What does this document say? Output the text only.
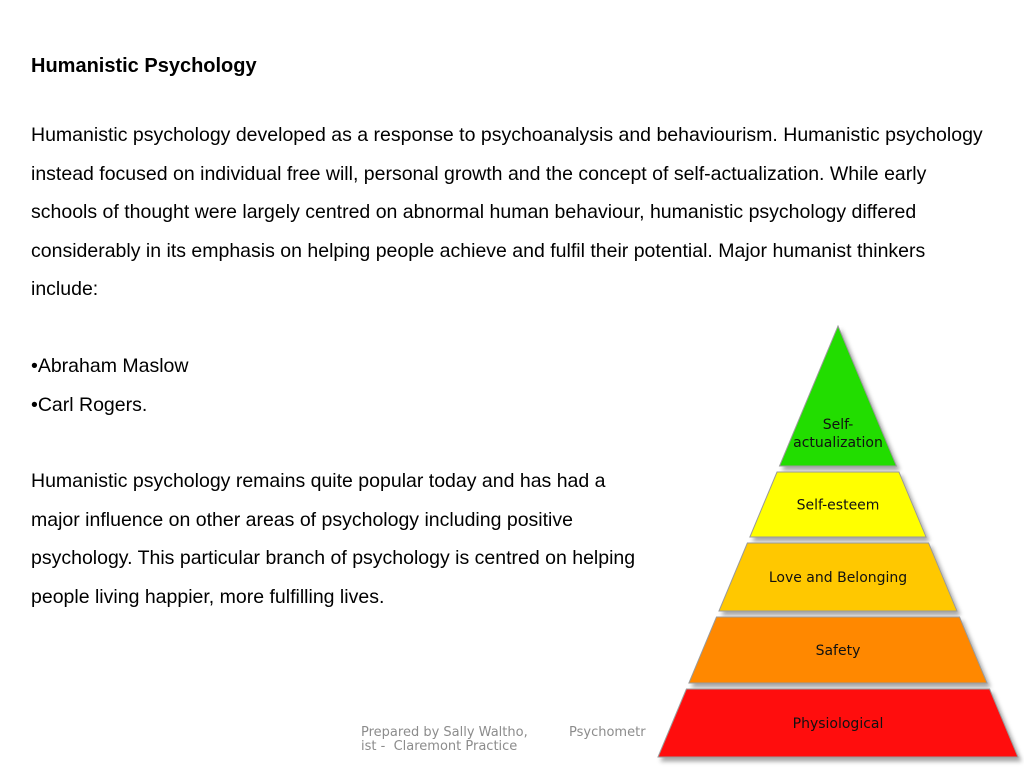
Humanistic Psychology

Humanistic psychology developed as a response to psychoanalysis and behaviourism. Humanistic psychology instead focused on individual free will, personal growth and the concept of self-actualization. While early schools of thought were largely centred on abnormal human behaviour, humanistic psychology differed considerably in its emphasis on helping people achieve and fulfil their potential. Major humanist thinkers include:

• Abraham Maslow
• Carl Rogers.

Humanistic psychology remains quite popular today and has had a major influence on other areas of psychology including positive psychology. This particular branch of psychology is centred on helping people living happier, more fulfilling lives.

Self-
actualization
Self-esteem
Love and Belonging
Safety
Physiological
Prepared by Sally Waltho,          Psychometr
ist -  Claremont Practice
